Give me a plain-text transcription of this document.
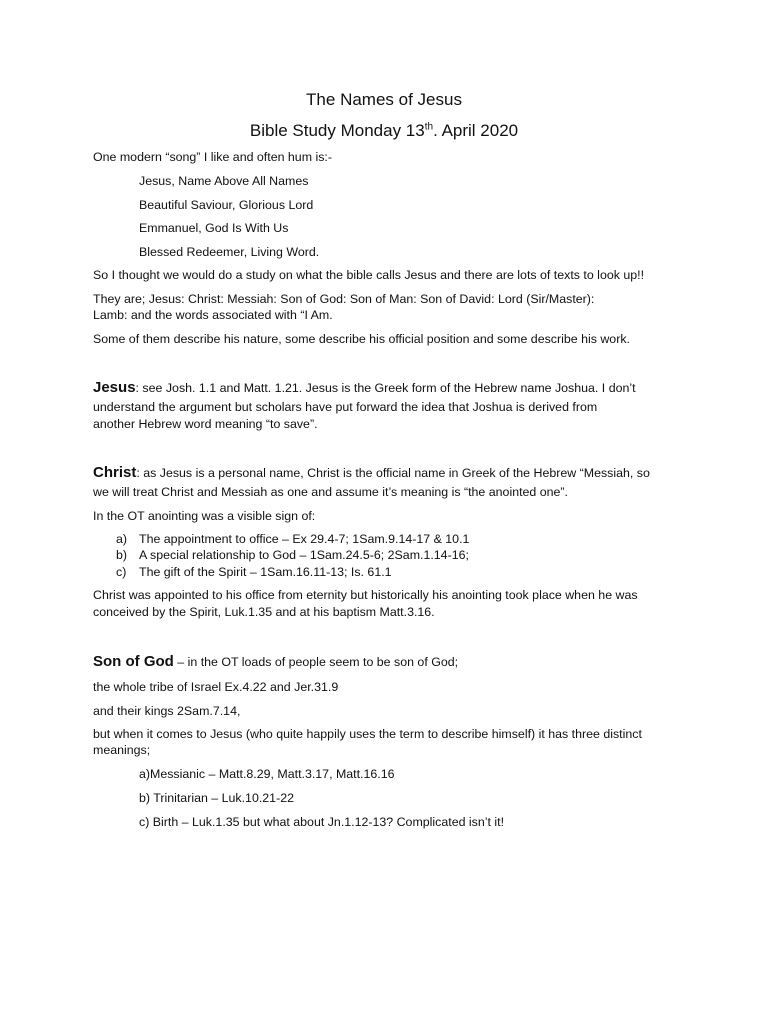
The Names of Jesus
Bible Study Monday 13th. April 2020
One modern “song” I like and often hum is:-
Jesus, Name Above All Names
Beautiful Saviour, Glorious Lord
Emmanuel, God Is With Us
Blessed Redeemer, Living Word.
So I thought we would do a study on what the bible calls Jesus and there are lots of texts to look up!!
They are; Jesus: Christ: Messiah: Son of God: Son of Man: Son of David: Lord (Sir/Master):
Lamb: and the words associated with “I Am.
Some of them describe his nature, some describe his official position and some describe his work.
Jesus: see Josh. 1.1 and Matt. 1.21. Jesus is the Greek form of the Hebrew name Joshua. I don’t
understand the argument but scholars have put forward the idea that Joshua is derived from
another Hebrew word meaning “to save”.
Christ: as Jesus is a personal name, Christ is the official name in Greek of the Hebrew “Messiah, so
we will treat Christ and Messiah as one and assume it’s meaning is “the anointed one”.
In the OT anointing was a visible sign of:
a) The appointment to office – Ex 29.4-7; 1Sam.9.14-17 & 10.1
b) A special relationship to God – 1Sam.24.5-6; 2Sam.1.14-16;
c) The gift of the Spirit – 1Sam.16.11-13; Is. 61.1
Christ was appointed to his office from eternity but historically his anointing took place when he was
conceived by the Spirit, Luk.1.35 and at his baptism Matt.3.16.
Son of God – in the OT loads of people seem to be son of God;
the whole tribe of Israel Ex.4.22 and Jer.31.9
and their kings 2Sam.7.14,
but when it comes to Jesus (who quite happily uses the term to describe himself) it has three distinct
meanings;
a)Messianic – Matt.8.29, Matt.3.17, Matt.16.16
b) Trinitarian – Luk.10.21-22
c) Birth – Luk.1.35 but what about Jn.1.12-13? Complicated isn’t it!
